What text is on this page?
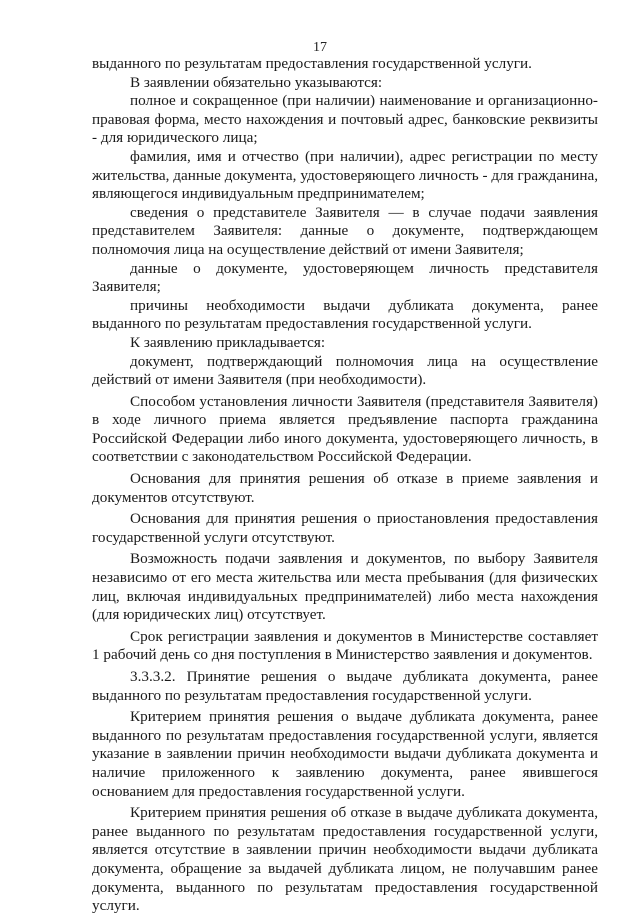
17

выданного по результатам предоставления государственной услуги.

В заявлении обязательно указываются:

полное и сокращенное (при наличии) наименование и организационно-правовая форма, место нахождения и почтовый адрес, банковские реквизиты - для юридического лица;

фамилия, имя и отчество (при наличии), адрес регистрации по месту жительства, данные документа, удостоверяющего личность - для гражданина, являющегося индивидуальным предпринимателем;

сведения о представителе Заявителя — в случае подачи заявления представителем Заявителя: данные о документе, подтверждающем полномочия лица на осуществление действий от имени Заявителя;

данные о документе, удостоверяющем личность представителя Заявителя;

причины необходимости выдачи дубликата документа, ранее выданного по результатам предоставления государственной услуги.

К заявлению прикладывается:

документ, подтверждающий полномочия лица на осуществление действий от имени Заявителя (при необходимости).

Способом установления личности Заявителя (представителя Заявителя) в ходе личного приема является предъявление паспорта гражданина Российской Федерации либо иного документа, удостоверяющего личность, в соответствии с законодательством Российской Федерации.

Основания для принятия решения об отказе в приеме заявления и документов отсутствуют.

Основания для принятия решения о приостановления предоставления государственной услуги отсутствуют.

Возможность подачи заявления и документов, по выбору Заявителя независимо от его места жительства или места пребывания (для физических лиц, включая индивидуальных предпринимателей) либо места нахождения (для юридических лиц) отсутствует.

Срок регистрации заявления и документов в Министерстве составляет 1 рабочий день со дня поступления в Министерство заявления и документов.

3.3.3.2. Принятие решения о выдаче дубликата документа, ранее выданного по результатам предоставления государственной услуги.

Критерием принятия решения о выдаче дубликата документа, ранее выданного по результатам предоставления государственной услуги, является указание в заявлении причин необходимости выдачи дубликата документа и наличие приложенного к заявлению документа, ранее явившегося основанием для предоставления государственной услуги.

Критерием принятия решения об отказе в выдаче дубликата документа, ранее выданного по результатам предоставления государственной услуги, является отсутствие в заявлении причин необходимости выдачи дубликата документа, обращение за выдачей дубликата лицом, не получавшим ранее документа, выданного по результатам предоставления государственной услуги.
